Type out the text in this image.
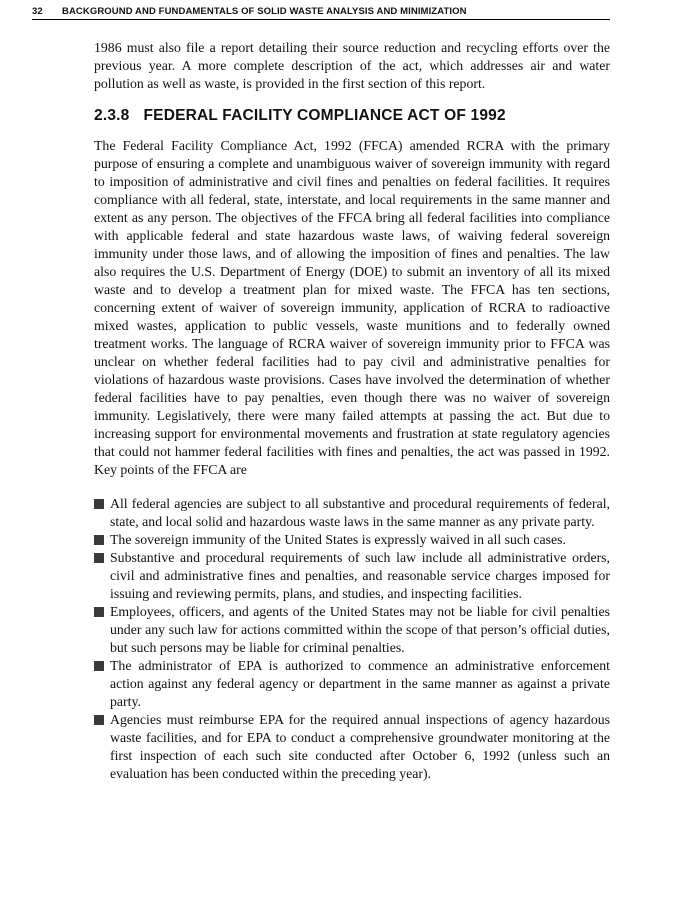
32 BACKGROUND AND FUNDAMENTALS OF SOLID WASTE ANALYSIS AND MINIMIZATION

1986 must also file a report detailing their source reduction and recycling efforts over the previous year. A more complete description of the act, which addresses air and water pollution as well as waste, is provided in the first section of this report.

2.3.8 FEDERAL FACILITY COMPLIANCE ACT OF 1992

The Federal Facility Compliance Act, 1992 (FFCA) amended RCRA with the primary purpose of ensuring a complete and unambiguous waiver of sovereign immunity with regard to imposition of administrative and civil fines and penalties on federal facilities. It requires compliance with all federal, state, interstate, and local requirements in the same manner and extent as any person. The objectives of the FFCA bring all federal facilities into compliance with applicable federal and state hazardous waste laws, of waiving federal sovereign immunity under those laws, and of allowing the imposition of fines and penalties. The law also requires the U.S. Department of Energy (DOE) to submit an inventory of all its mixed waste and to develop a treatment plan for mixed waste. The FFCA has ten sections, concerning extent of waiver of sovereign immunity, application of RCRA to radioactive mixed wastes, application to public vessels, waste munitions and to federally owned treatment works. The language of RCRA waiver of sovereign immunity prior to FFCA was unclear on whether federal facilities had to pay civil and administrative penalties for violations of hazardous waste provisions. Cases have involved the determination of whether federal facilities have to pay penalties, even though there was no waiver of sovereign immunity. Legislatively, there were many failed attempts at passing the act. But due to increasing support for environmental movements and frustration at state regulatory agencies that could not hammer federal facilities with fines and penalties, the act was passed in 1992. Key points of the FFCA are

All federal agencies are subject to all substantive and procedural requirements of federal, state, and local solid and hazardous waste laws in the same manner as any private party.
The sovereign immunity of the United States is expressly waived in all such cases.
Substantive and procedural requirements of such law include all administrative orders, civil and administrative fines and penalties, and reasonable service charges imposed for issuing and reviewing permits, plans, and studies, and inspecting facilities.
Employees, officers, and agents of the United States may not be liable for civil penalties under any such law for actions committed within the scope of that person’s official duties, but such persons may be liable for criminal penalties.
The administrator of EPA is authorized to commence an administrative enforcement action against any federal agency or department in the same manner as against a private party.
Agencies must reimburse EPA for the required annual inspections of agency hazardous waste facilities, and for EPA to conduct a comprehensive groundwater monitoring at the first inspection of each such site conducted after October 6, 1992 (unless such an evaluation has been conducted within the preceding year).
